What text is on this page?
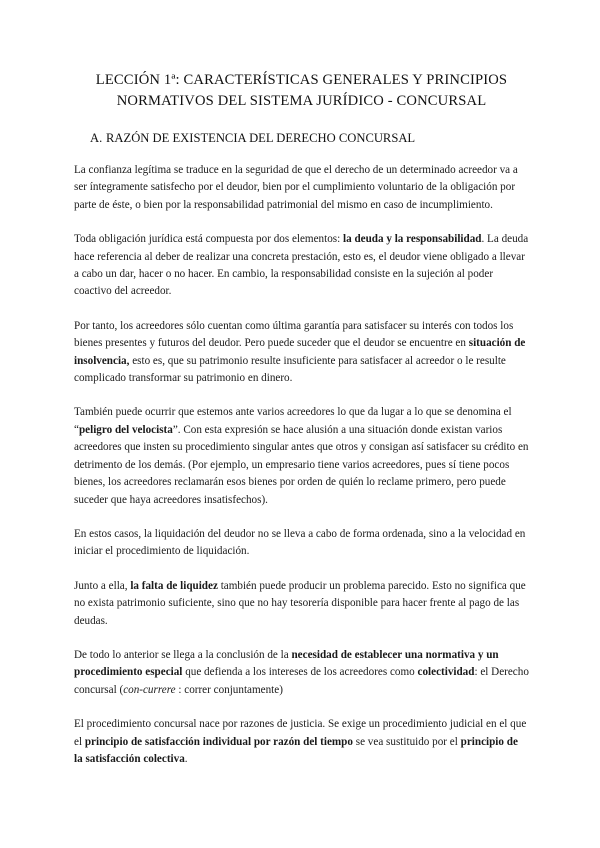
LECCIÓN 1ª: CARACTERÍSTICAS GENERALES Y PRINCIPIOS NORMATIVOS DEL SISTEMA JURÍDICO - CONCURSAL
A. RAZÓN DE EXISTENCIA DEL DERECHO CONCURSAL

La confianza legítima se traduce en la seguridad de que el derecho de un determinado acreedor va a ser íntegramente satisfecho por el deudor, bien por el cumplimiento voluntario de la obligación por parte de éste, o bien por la responsabilidad patrimonial del mismo en caso de incumplimiento.

Toda obligación jurídica está compuesta por dos elementos: la deuda y la responsabilidad. La deuda hace referencia al deber de realizar una concreta prestación, esto es, el deudor viene obligado a llevar a cabo un dar, hacer o no hacer. En cambio, la responsabilidad consiste en la sujeción al poder coactivo del acreedor.

Por tanto, los acreedores sólo cuentan como última garantía para satisfacer su interés con todos los bienes presentes y futuros del deudor. Pero puede suceder que el deudor se encuentre en situación de insolvencia, esto es, que su patrimonio resulte insuficiente para satisfacer al acreedor o le resulte complicado transformar su patrimonio en dinero.

También puede ocurrir que estemos ante varios acreedores lo que da lugar a lo que se denomina el “peligro del velocista”. Con esta expresión se hace alusión a una situación donde existan varios acreedores que insten su procedimiento singular antes que otros y consigan así satisfacer su crédito en detrimento de los demás. (Por ejemplo, un empresario tiene varios acreedores, pues sí tiene pocos bienes, los acreedores reclamarán esos bienes por orden de quién lo reclame primero, pero puede suceder que haya acreedores insatisfechos).

En estos casos, la liquidación del deudor no se lleva a cabo de forma ordenada, sino a la velocidad en iniciar el procedimiento de liquidación.

Junto a ella, la falta de liquidez también puede producir un problema parecido. Esto no significa que no exista patrimonio suficiente, sino que no hay tesorería disponible para hacer frente al pago de las deudas.

De todo lo anterior se llega a la conclusión de la necesidad de establecer una normativa y un procedimiento especial que defienda a los intereses de los acreedores como colectividad: el Derecho concursal (con-currere : correr conjuntamente)

El procedimiento concursal nace por razones de justicia. Se exige un procedimiento judicial en el que el principio de satisfacción individual por razón del tiempo se vea sustituido por el principio de la satisfacción colectiva.
